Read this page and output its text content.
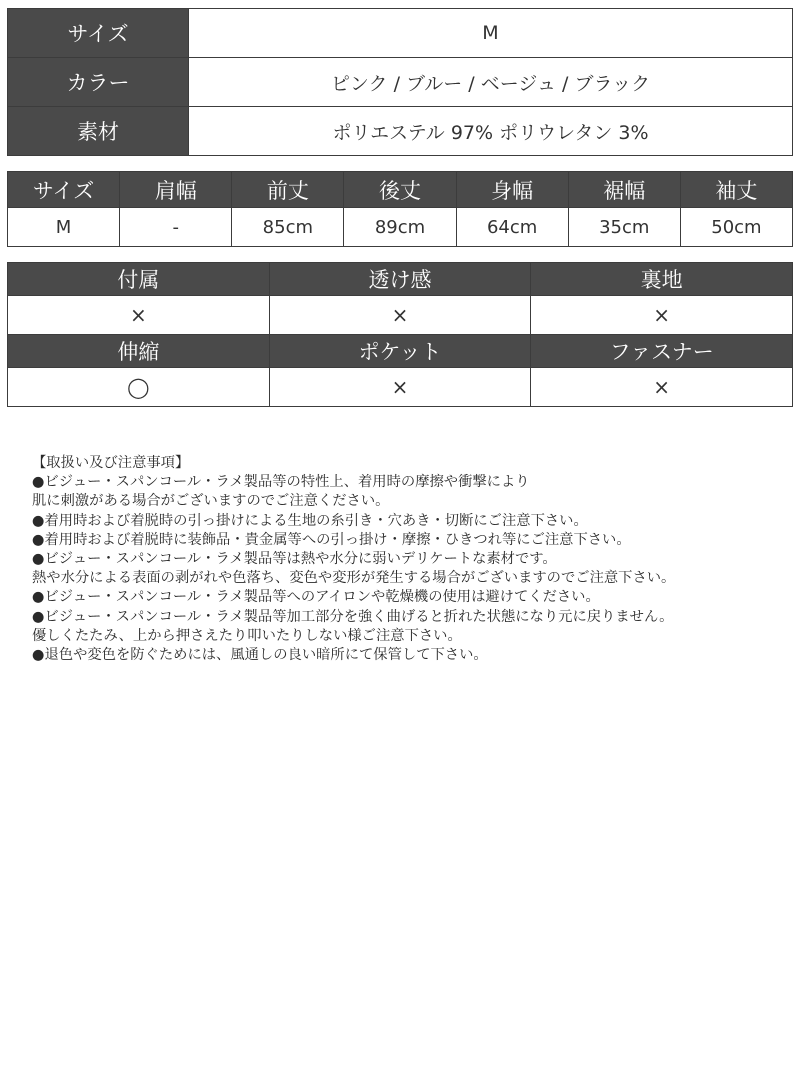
サイズ	M
カラー	ピンク / ブルー / ベージュ / ブラック
素材	ポリエステル 97% ポリウレタン 3%
サイズ	肩幅	前丈	後丈	身幅	裾幅	袖丈
M	-	85cm	89cm	64cm	35cm	50cm
付属	透け感	裏地
×	×	×
伸縮	ポケット	ファスナー
◯	×	×
【取扱い及び注意事項】
●ビジュー・スパンコール・ラメ製品等の特性上、着用時の摩擦や衝撃により
肌に刺激がある場合がございますのでご注意ください。
●着用時および着脱時の引っ掛けによる生地の糸引き・穴あき・切断にご注意下さい。
●着用時および着脱時に装飾品・貴金属等への引っ掛け・摩擦・ひきつれ等にご注意下さい。
●ビジュー・スパンコール・ラメ製品等は熱や水分に弱いデリケートな素材です。
熱や水分による表面の剥がれや色落ち、変色や変形が発生する場合がございますのでご注意下さい。
●ビジュー・スパンコール・ラメ製品等へのアイロンや乾燥機の使用は避けてください。
●ビジュー・スパンコール・ラメ製品等加工部分を強く曲げると折れた状態になり元に戻りません。
優しくたたみ、上から押さえたり叩いたりしない様ご注意下さい。
●退色や変色を防ぐためには、風通しの良い暗所にて保管して下さい。
